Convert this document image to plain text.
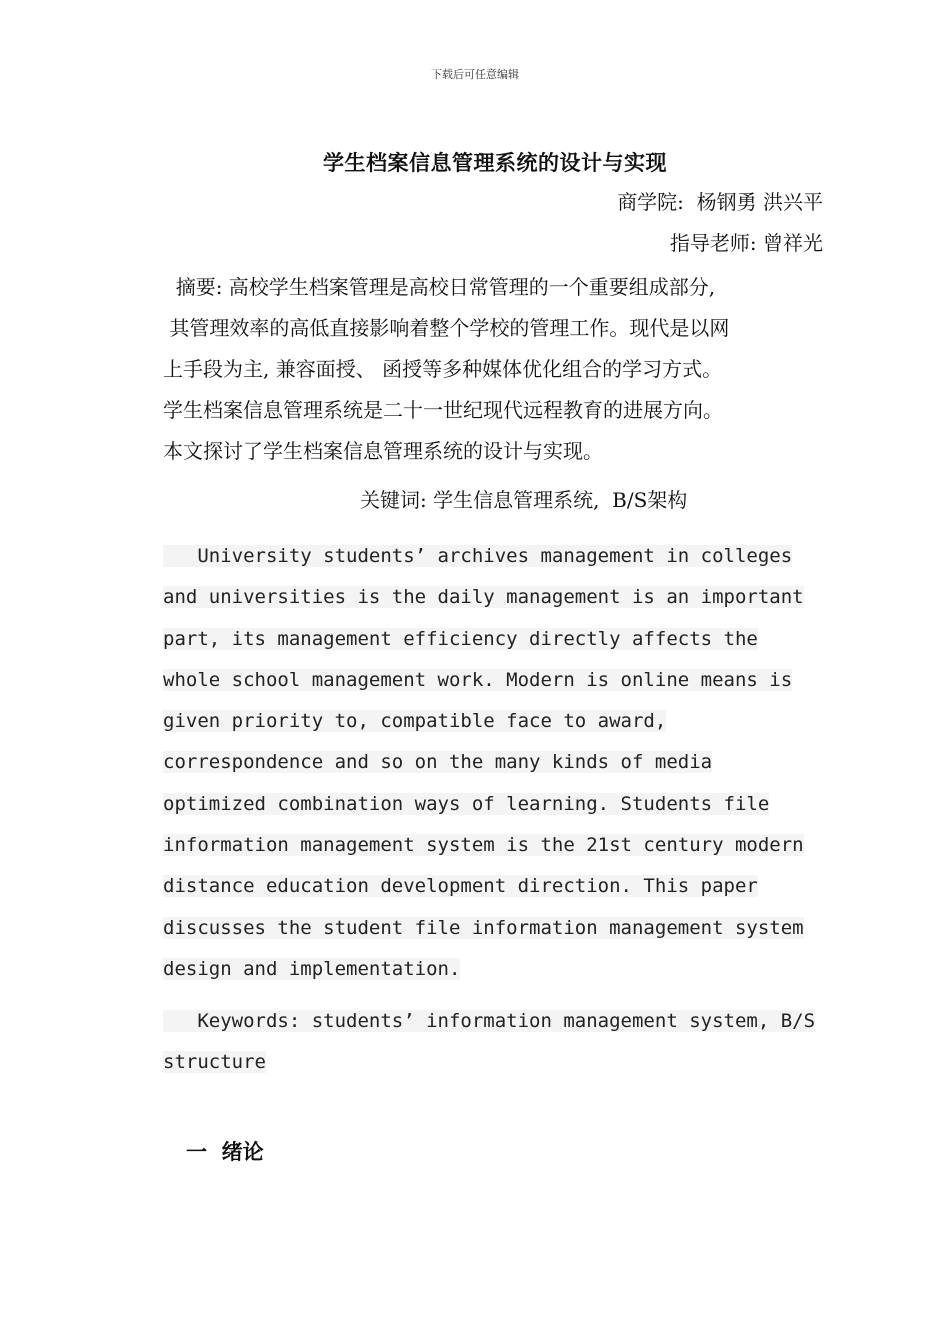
下载后可任意编辑
学生档案信息管理系统的设计与实现
商学院:  杨钢勇 洪兴平
指导老师: 曾祥光
摘要: 高校学生档案管理是高校日常管理的一个重要组成部分,
其管理效率的高低直接影响着整个学校的管理工作。现代是以网
上手段为主, 兼容面授、 函授等多种媒体优化组合的学习方式。
学生档案信息管理系统是二十一世纪现代远程教育的进展方向。
本文探讨了学生档案信息管理系统的设计与实现。
关键词: 学生信息管理系统,  B/S架构
University students’ archives management in colleges
and universities is the daily management is an important
part, its management efficiency directly affects the
whole school management work. Modern is online means is
given priority to, compatible face to award,
correspondence and so on the many kinds of media
optimized combination ways of learning. Students file
information management system is the 21st century modern
distance education development direction. This paper
discusses the student file information management system
design and implementation.
Keywords: students’ information management system, B/S
structure
一  绪论
